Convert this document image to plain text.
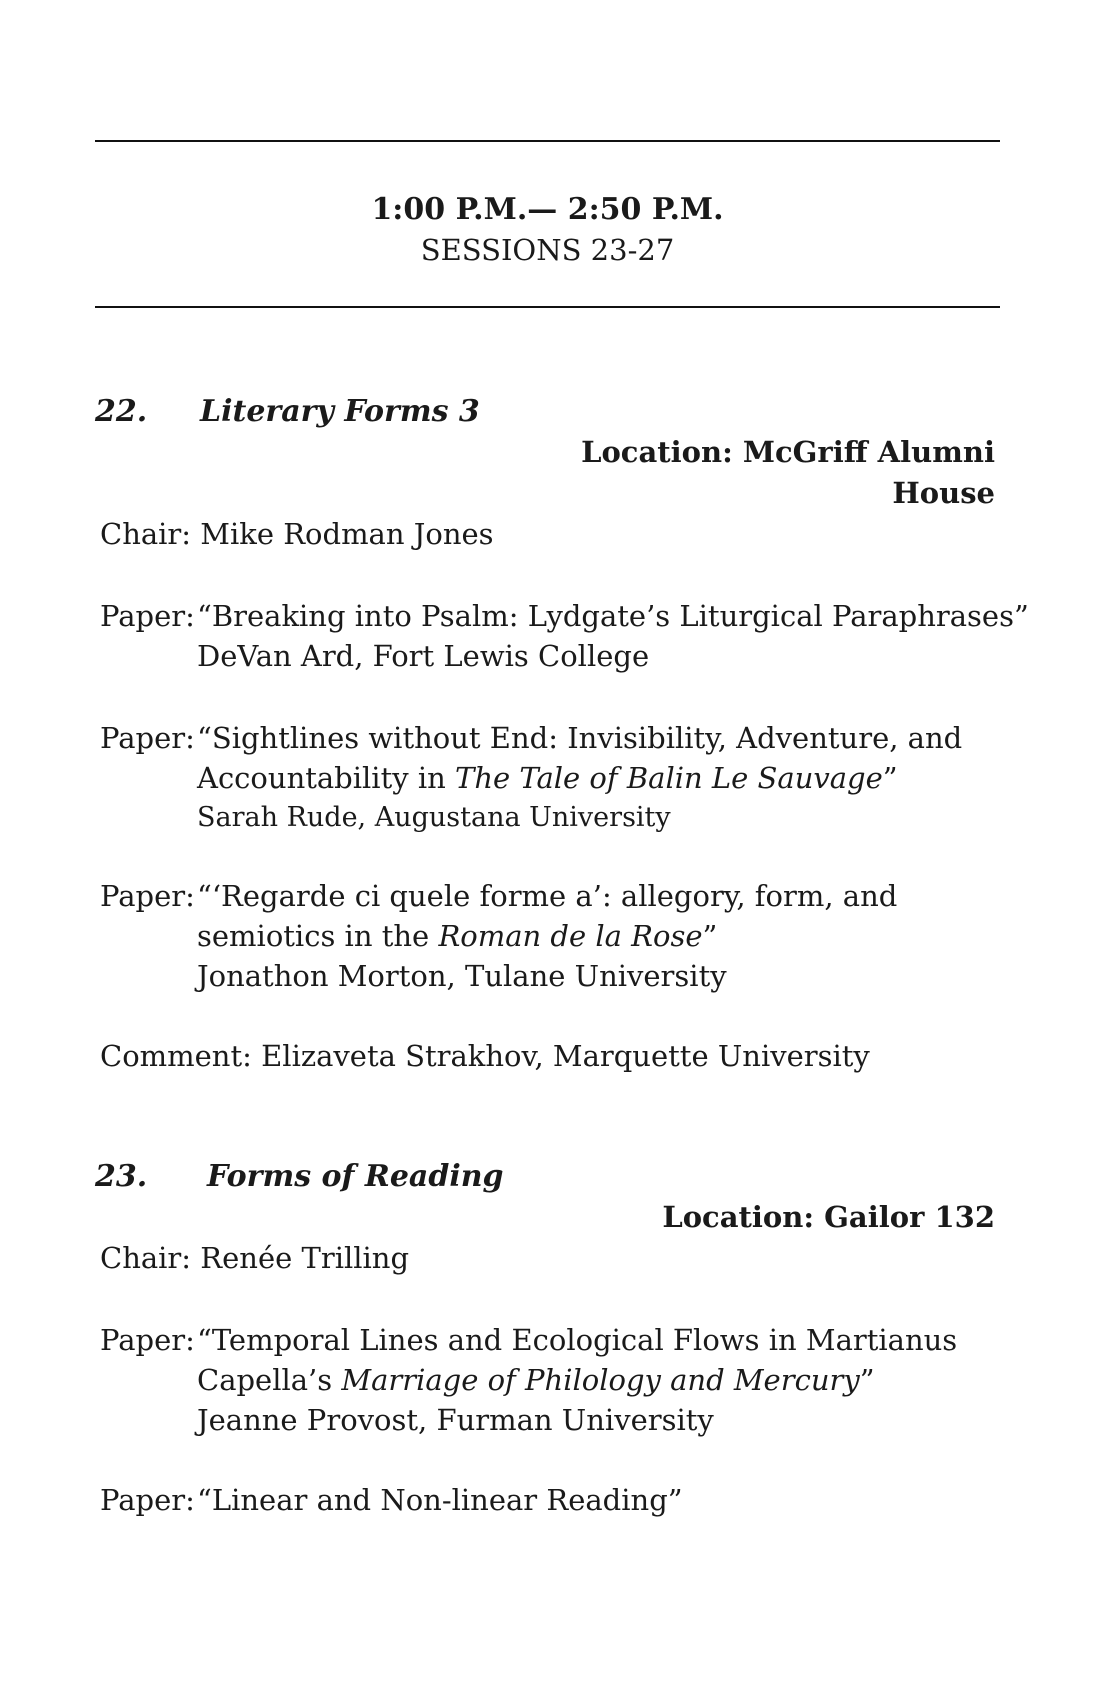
1:00 P.M.— 2:50 P.M.
SESSIONS 23-27
22. Literary Forms 3
Location: McGriff Alumni
House
Chair: Mike Rodman Jones
Paper: “Breaking into Psalm: Lydgate’s Liturgical Paraphrases”
DeVan Ard, Fort Lewis College
Paper: “Sightlines without End: Invisibility, Adventure, and
Accountability in The Tale of Balin Le Sauvage”
Sarah Rude, Augustana University
Paper: “‘Regarde ci quele forme a’: allegory, form, and
semiotics in the Roman de la Rose”
Jonathon Morton, Tulane University
Comment: Elizaveta Strakhov, Marquette University
23. Forms of Reading
Location: Gailor 132
Chair: Renée Trilling
Paper: “Temporal Lines and Ecological Flows in Martianus
Capella’s Marriage of Philology and Mercury”
Jeanne Provost, Furman University
Paper: “Linear and Non-linear Reading”
